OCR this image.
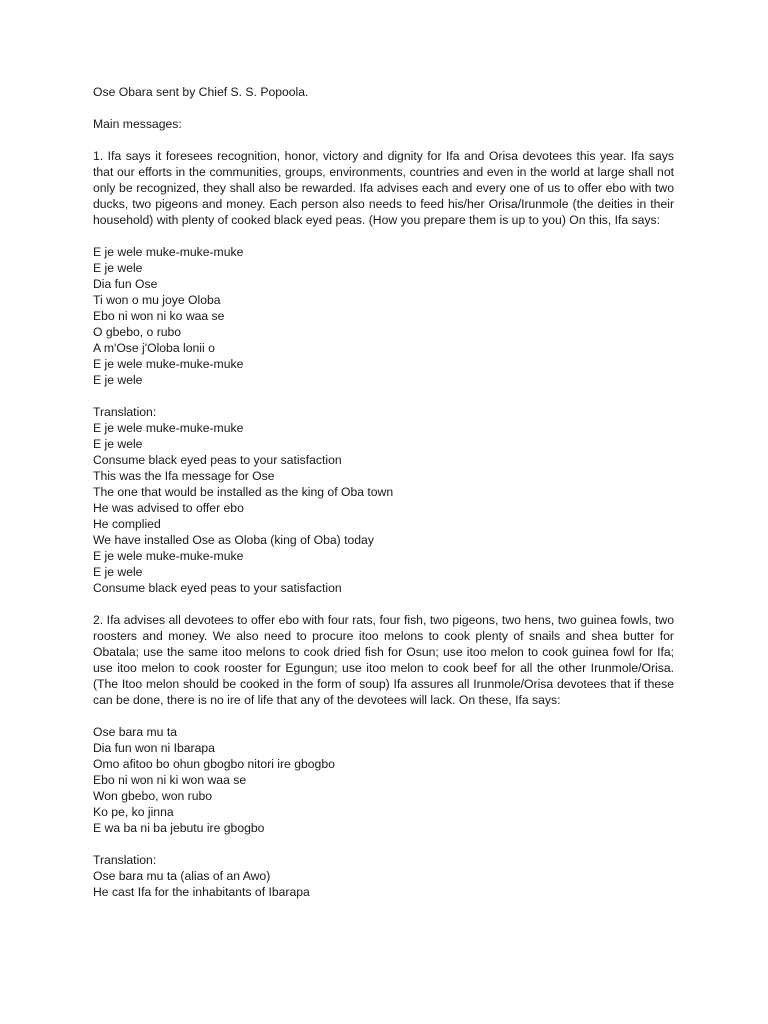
Ose Obara sent by Chief S. S. Popoola.
Main messages:

1. Ifa says it foresees recognition, honor, victory and dignity for Ifa and Orisa devotees this year. Ifa says that our efforts in the communities, groups, environments, countries and even in the world at large shall not only be recognized, they shall also be rewarded. Ifa advises each and every one of us to offer ebo with two ducks, two pigeons and money. Each person also needs to feed his/her Orisa/Irunmole (the deities in their household) with plenty of cooked black eyed peas. (How you prepare them is up to you) On this, Ifa says:

E je wele muke-muke-muke
E je wele
Dia fun Ose
Ti won o mu joye Oloba
Ebo ni won ni ko waa se
O gbebo, o rubo
A m'Ose j'Oloba lonii o
E je wele muke-muke-muke
E je wele
Translation:
E je wele muke-muke-muke
E je wele
Consume black eyed peas to your satisfaction
This was the Ifa message for Ose
The one that would be installed as the king of Oba town
He was advised to offer ebo
He complied
We have installed Ose as Oloba (king of Oba) today
E je wele muke-muke-muke
E je wele
Consume black eyed peas to your satisfaction

2. Ifa advises all devotees to offer ebo with four rats, four fish, two pigeons, two hens, two guinea fowls, two roosters and money. We also need to procure itoo melons to cook plenty of snails and shea butter for Obatala; use the same itoo melons to cook dried fish for Osun; use itoo melon to cook guinea fowl for Ifa; use itoo melon to cook rooster for Egungun; use itoo melon to cook beef for all the other Irunmole/Orisa. (The Itoo melon should be cooked in the form of soup) Ifa assures all Irunmole/Orisa devotees that if these can be done, there is no ire of life that any of the devotees will lack. On these, Ifa says:

Ose bara mu ta
Dia fun won ni Ibarapa
Omo afitoo bo ohun gbogbo nitori ire gbogbo
Ebo ni won ni ki won waa se
Won gbebo, won rubo
Ko pe, ko jinna
E wa ba ni ba jebutu ire gbogbo
Translation:
Ose bara mu ta (alias of an Awo)
He cast Ifa for the inhabitants of Ibarapa
